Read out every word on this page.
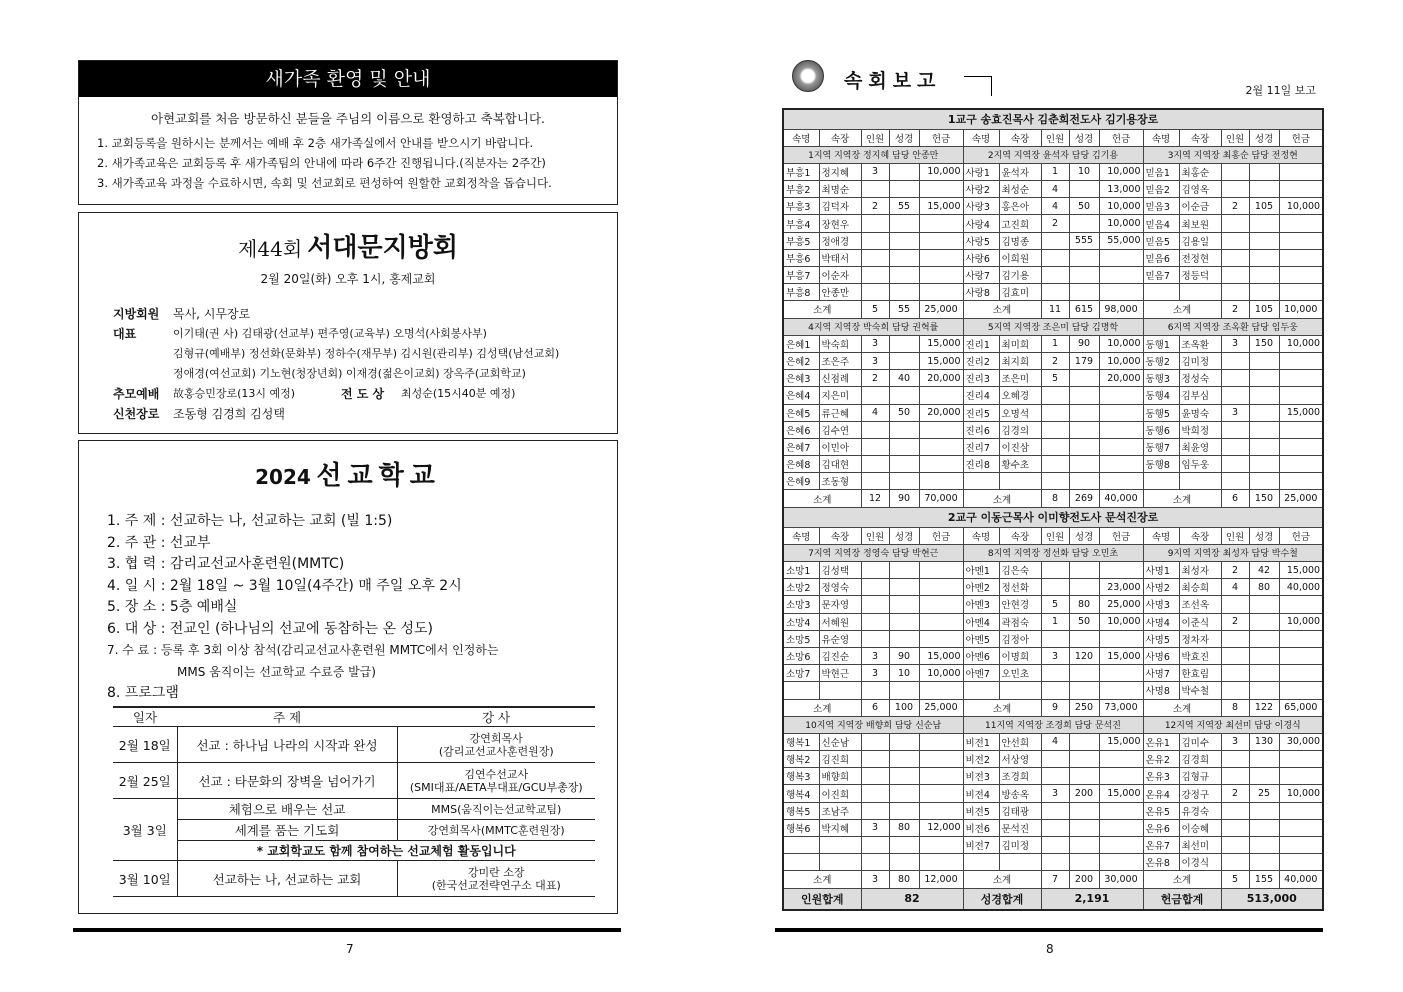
새가족 환영 및 안내
아현교회를 처음 방문하신 분들을 주님의 이름으로 환영하고 축복합니다.
1. 교회등록을 원하시는 분께서는 예배 후 2층 새가족실에서 안내를 받으시기 바랍니다.
2. 새가족교육은 교회등록 후 새가족팀의 안내에 따라 6주간 진행됩니다.(직분자는 2주간)
3. 새가족교육 과정을 수료하시면, 속회 및 선교회로 편성하여 원할한 교회정착을 돕습니다.
제44회 서대문지방회
2월 20일(화) 오후 1시, 홍제교회
지방회원 목사, 시무장로
대표	이기태(권 사) 김태광(선교부) 편주영(교육부) 오명석(사회봉사부)
김형규(예배부) 정선화(문화부) 정하수(재무부) 김시원(관리부) 김성택(남선교회)
정애경(여선교회) 기노현(청장년회) 이재경(젊은이교회) 장옥주(교회학교)
추모예배 故홍승민장로(13시 예정)	전 도 상 최성순(15시40분 예정)
신천장로 조동형 김경희 김성택
2024 선교학교
1. 주 제 : 선교하는 나, 선교하는 교회 (빌 1:5)
2. 주 관 : 선교부
3. 협 력 : 감리교선교사훈련원(MMTC)
4. 일 시 : 2월 18일 ~ 3월 10일(4주간) 매 주일 오후 2시
5. 장 소 : 5층 예배실
6. 대 상 : 전교인 (하나님의 선교에 동참하는 온 성도)
7. 수 료 : 등록 후 3회 이상 참석(감리교선교사훈련원 MMTC에서 인정하는
MMS 움직이는 선교학교 수료증 발급)
8. 프로그램
일자	주 제	강 사
2월 18일	선교 : 하나님 나라의 시작과 완성	강연희목사
(감리교선교사훈련원장)

2월 25일	선교 : 타문화의 장벽을 넘어가기	김연수선교사
(SMI대표/AETA부대표/GCU부총장)

3월 3일	체험으로 배우는 선교	MMS(움직이는선교학교팀)
	세계를 품는 기도회	강연희목사(MMTC훈련원장)
	* 교회학교도 함께 참여하는 선교체험 활동입니다	
3월 10일	선교하는 나, 선교하는 교회	강미란 소장
(한국선교전략연구소 대표)
7
속회보고	2월 11일 보고
1교구 송효진목사 김춘희전도사 김기용장로														
속명	속장	인원	성경	헌금	속명	속장	인원	성경	헌금	속명	속장	인원	성경	헌금
1지역 지역장 정지혜 담당 안종만					2지역 지역장 윤석자 담당 김기용					3지역 지역장 최홍순 담당 전정현				
부흥1	정지혜	3		10,000	사랑1	윤석자	1	10	10,000	믿음1	최홍순			
부흥2	최명순				사랑2	최성순	4		13,000	믿음2	김영옥			
부흥3	김덕자	2	55	15,000	사랑3	홍은아	4	50	10,000	믿음3	이순금	2	105	10,000
부흥4	장현우				사랑4	고진희	2		10,000	믿음4	최보원			
부흥5	정애경				사랑5	김명종		555	55,000	믿음5	김용일			
부흥6	박태서				사랑6	이희원				믿음6	전정현			
부흥7	이순자				사랑7	김기용				믿음7	정등덕			
부흥8	안종만				사랑8	김효미								
소계		5	55	25,000	소계		11	615	98,000	소계		2	105	10,000
4지역 지역장 박숙희 담당 권혁률					5지역 지역장 조은미 담당 김명학					6지역 지역장 조옥환 담당 임두웅				
은혜1	박숙희	3		15,000	진리1	최미희	1	90	10,000	동행1	조옥환	3	150	10,000
은혜2	조은주	3		15,000	진리2	최지희	2	179	10,000	동행2	김미정			
은혜3	신점례	2	40	20,000	진리3	조은미	5		20,000	동행3	정성숙			
은혜4	지은미				진리4	오혜경				동행4	김부심			
은혜5	류근혜	4	50	20,000	진리5	오명석				동행5	윤명숙	3		15,000
은혜6	김수연				진리6	김경의				동행6	박희정			
은혜7	이민아				진리7	이진삼				동행7	최윤영			
은혜8	김대현				진리8	황수초				동행8	임두웅			
은혜9	조동형													
소계		12	90	70,000	소계		8	269	40,000	소계		6	150	25,000
2교구 이동근목사 이미향전도사 문석진장로														
속명	속장	인원	성경	헌금	속명	속장	인원	성경	헌금	속명	속장	인원	성경	헌금
7지역 지역장 정영숙 담당 박현근					8지역 지역장 정선화 담당 오민초					9지역 지역장 최성자 담당 박수철				
소망1	김성택				아멘1	김은숙				사명1	최성자	2	42	15,000
소망2	정영숙				아멘2	정선화			23,000	사명2	최승희	4	80	40,000
소망3	문자영				아멘3	안현경	5	80	25,000	사명3	조선옥			
소망4	서혜원				아멘4	곽점숙	1	50	10,000	사명4	이준식	2		10,000
소망5	유순영				아멘5	김정아				사명5	정차자			
소망6	김진순	3	90	15,000	아멘6	이명희	3	120	15,000	사명6	박효진			
소망7	박현근	3	10	10,000	아멘7	오민초				사명7	한효림			
										사명8	박수철			
소계		6	100	25,000	소계		9	250	73,000	소계		8	122	65,000
10지역 지역장 배향희 담당 신순남					11지역 지역장 조경희 담당 문석진					12지역 지역장 최선미 담당 이경식				
행복1	신순남				비전1	안선희	4		15,000	온유1	김미수	3	130	30,000
행복2	김진희				비전2	서상영				온유2	김경희			
행복3	배향희				비전3	조경희				온유3	김형규			
행복4	이진희				비전4	방송옥	3	200	15,000	온유4	강정구	2	25	10,000
행복5	조남주				비전5	김태광				온유5	유경숙			
행복6	박지혜	3	80	12,000	비전6	문석진				온유6	이승혜			
					비전7	김미정				온유7	최선미			
										온유8	이경식			
소계		3	80	12,000	소계		7	200	30,000	소계		5	155	40,000
인원합계		82			성경합계		2,191			헌금합계		513,000		
8
